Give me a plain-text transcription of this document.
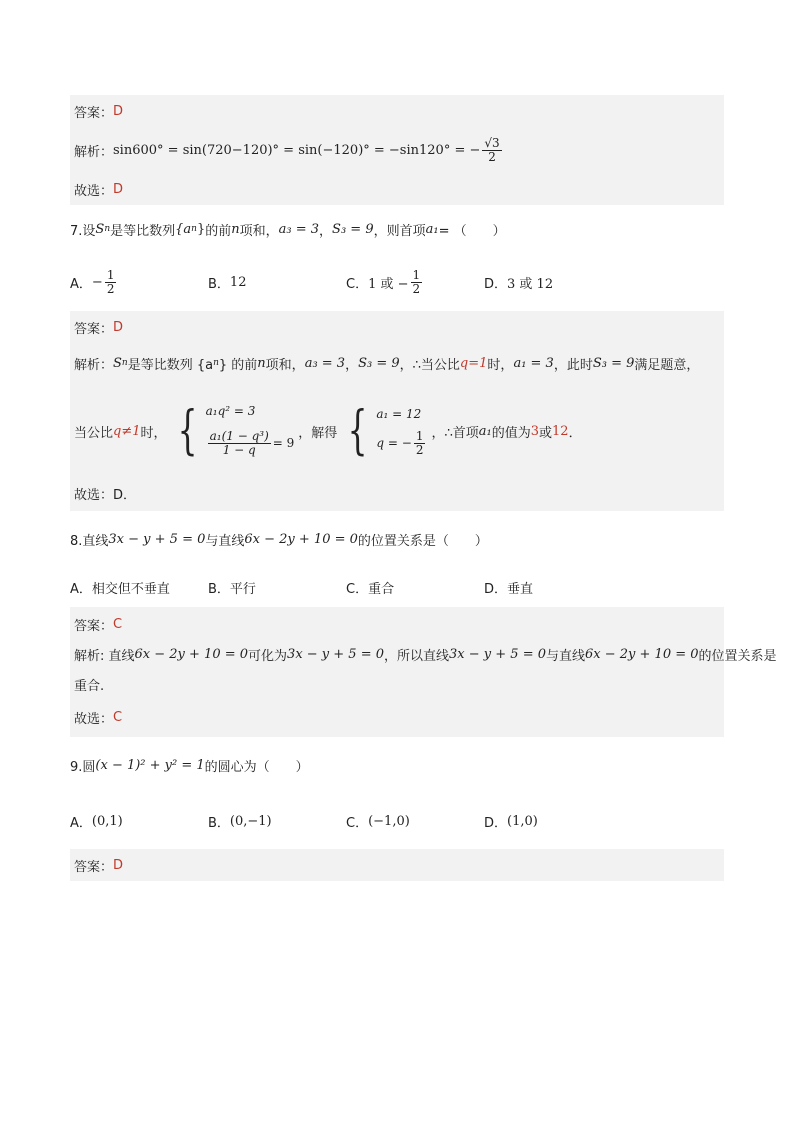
答案： D
解析： sin600° = sin(720−120)° = sin(−120)° = −sin120° = − $\frac{√3}{2}$
故选： D
7.设 S n 是等比数列 {a n } 的前 n 项和， a₃ = 3 ， S₃ = 9 ，则首项 a₁ = （　　）
A． − $\frac{1}{2}$	B． 12	C． 1 或 − $\frac{1}{2}$	D． 3 或 12
答案： D
解析： S n 是等比数列 {a n } 的前 n 项和， a₃ = 3 ， S₃ = 9 ，∴当公比 q=1 时， a₁ = 3 ，此时 S₃ = 9 满足题意，
当公比 q≠1 时， { a₁q² = 3
$\frac{\text{a₁(1 − q³)}}{1 - q} = 9$
，解得 { a₁ = 12
q = − $\frac{1}{2}$ ，∴首项 a₁ 的值为 3 或 12 ．
故选： D．
8.直线 3x − y + 5 = 0 与直线 6x − 2y + 10 = 0 的位置关系是（　　）
A． 相交但不垂直	B． 平行	C． 重合	D． 垂直
答案： C
解析: 直线 6x − 2y + 10 = 0 可化为 3x − y + 5 = 0 ，所以直线 3x − y + 5 = 0 与直线 6x − 2y + 10 = 0 的位置关系是
重合.
故选： C
9.圆 (x − 1)² + y² = 1 的圆心为（　　）
A． (0,1)	B． (0,−1)	C． (−1,0)	D． (1,0)
答案： D
